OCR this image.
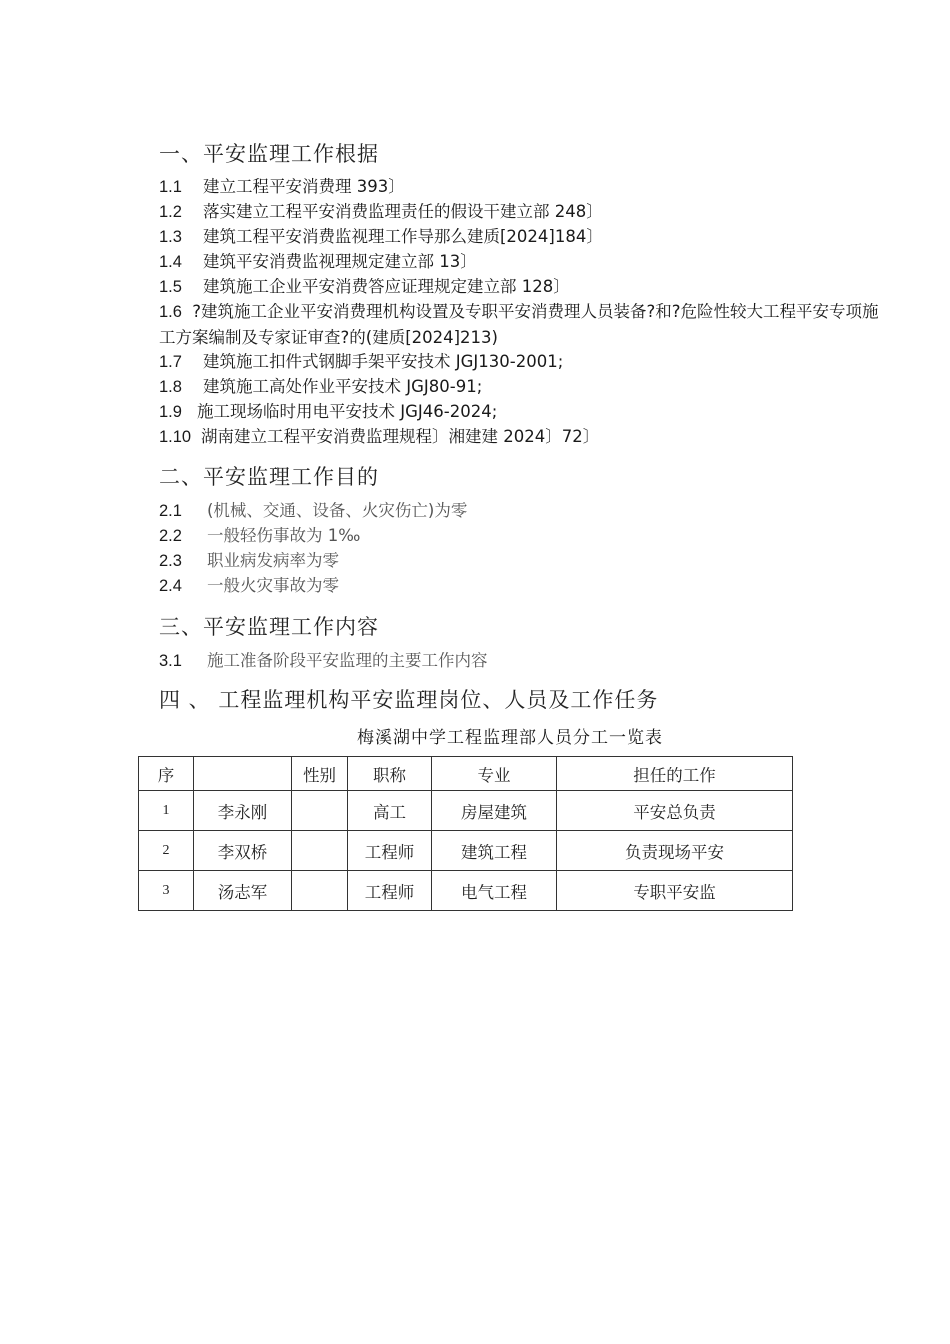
一、平安监理工作根据
1.1 建立工程平安消费理 393〕
1.2 落实建立工程平安消费监理责任的假设干建立部 248〕
1.3 建筑工程平安消费监视理工作导那么建质[2024]184〕
1.4 建筑平安消费监视理规定建立部 13〕
1.5 建筑施工企业平安消费答应证理规定建立部 128〕
1.6 ?建筑施工企业平安消费理机构设置及专职平安消费理人员装备?和?危险性较大工程平安专项施工方案编制及专家证审查?的(建质[2024]213)
1.7 建筑施工扣件式钢脚手架平安技术 JGJ130-2001;
1.8 建筑施工高处作业平安技术 JGJ80-91;
1.9 施工现场临时用电平安技术 JGJ46-2024;
1.10 湖南建立工程平安消费监理规程〕湘建建 2024〕72〕
二、平安监理工作目的
2.1 (机械、交通、设备、火灾伤亡)为零
2.2 一般轻伤事故为 1‰
2.3 职业病发病率为零
2.4 一般火灾事故为零
三、平安监理工作内容
3.1 施工准备阶段平安监理的主要工作内容
四 、 工程监理机构平安监理岗位、人员及工作任务
梅溪湖中学工程监理部人员分工一览表
序		性别	职称	专业	担任的工作
1	李永刚		高工	房屋建筑	平安总负责
2	李双桥		工程师	建筑工程	负责现场平安
3	汤志军		工程师	电气工程	专职平安监
